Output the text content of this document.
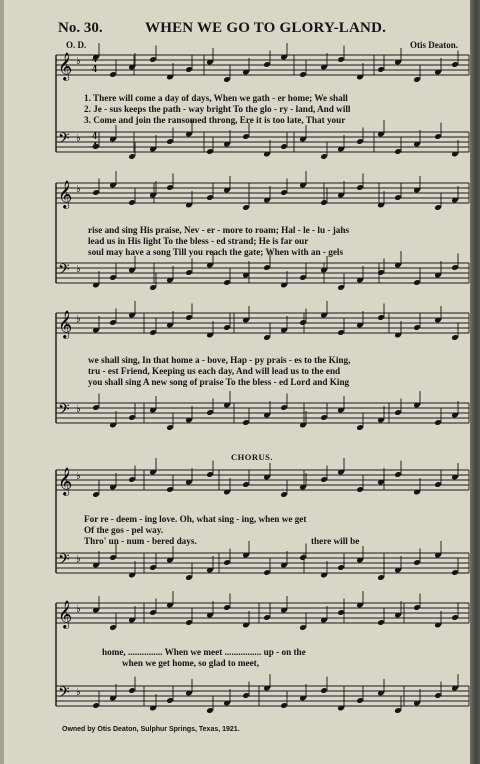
No. 30.	WHEN WE GO TO GLORY-LAND.
O. D.	Otis Deaton.
1. There will come a day of days, When we gath - er home; We shall
2. Je - sus keeps the path - way bright To the glo - ry - land, And will
3. Come and join the ransomed throng, Ere it is too late, That your
rise and sing His praise, Nev - er - more to roam; Hal - le - lu - jahs
lead us in His light To the bless - ed strand; He is far our
soul may have a song Till you reach the gate; When with an - gels
we shall sing, In that home a - bove, Hap - py prais - es to the King,
tru - est Friend, Keeping us each day, And will lead us to the end
you shall sing A new song of praise To the bless - ed Lord and King
CHORUS.
For re - deem - ing love. Oh, what sing - ing, when we get
Of the gos - pel way.
Thro' un - num - bered days.	there will be
home, ............... When we meet ................ up - on the
when we get home, so glad to meet,
Owned by Otis Deaton, Sulphur Springs, Texas, 1921.
𝄞 ♭
𝄢 ♭
𝄞 ♭
𝄢 ♭
𝄞 ♭
𝄢 ♭
𝄞 ♭
𝄢 ♭
𝄞 ♭
𝄢 ♭
4
4
4
4
